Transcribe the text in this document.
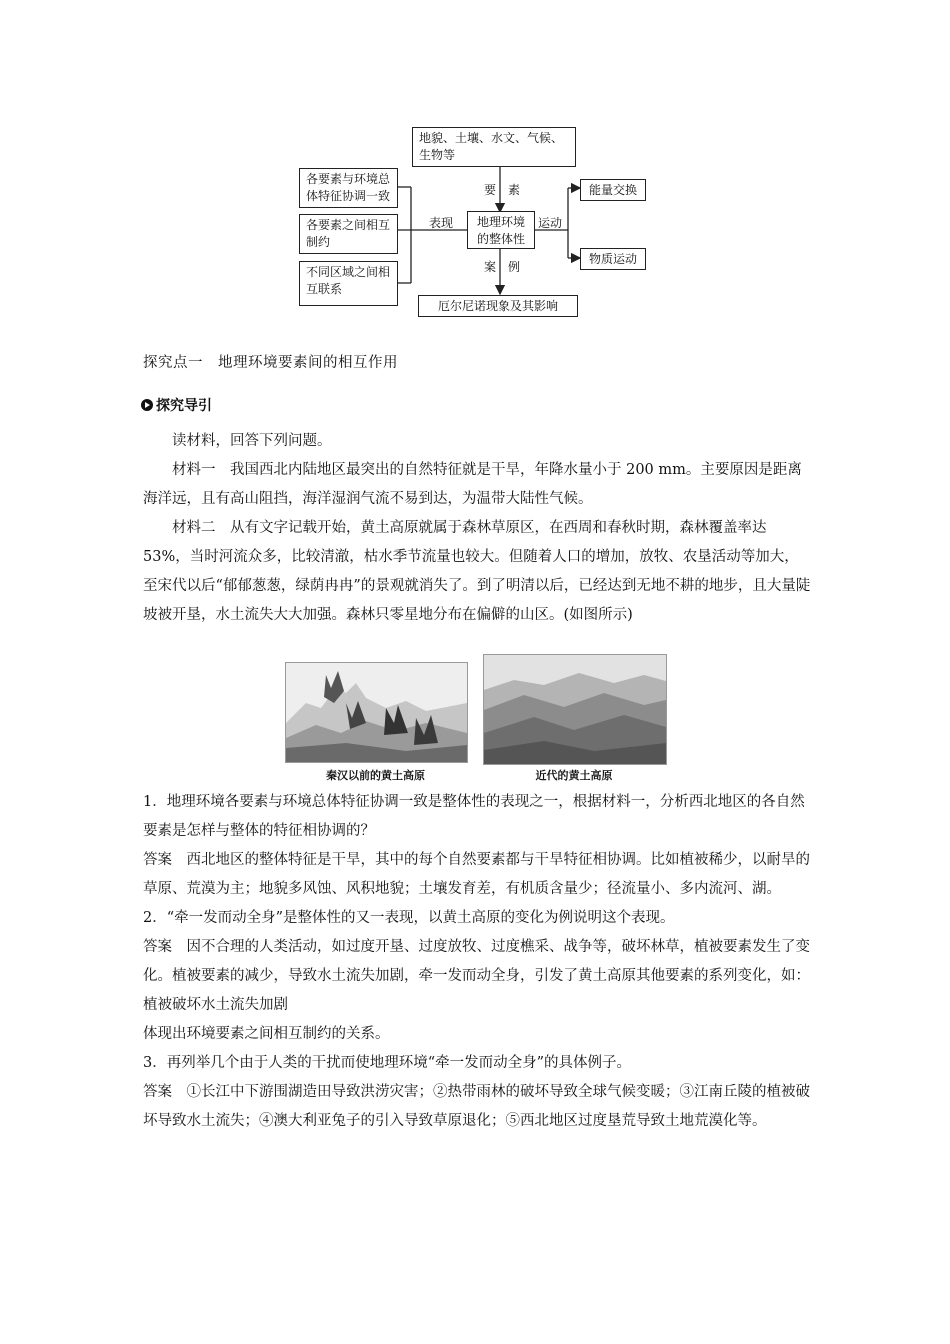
地貌、土壤、水文、气候、生物等
各要素与环境总体特征协调一致
各要素之间相互制约
不同区域之间相互联系
地理环境的整体性
能量交换
物质运动
厄尔尼诺现象及其影响
要　素
表现	运动
案　例
探究点一　地理环境要素间的相互作用
探究导引

读材料，回答下列问题。

材料一　我国西北内陆地区最突出的自然特征就是干旱，年降水量小于 200 mm。主要原因是距离海洋远，且有高山阻挡，海洋湿润气流不易到达，为温带大陆性气候。

材料二　从有文字记载开始，黄土高原就属于森林草原区，在西周和春秋时期，森林覆盖率达 53%，当时河流众多，比较清澈，枯水季节流量也较大。但随着人口的增加，放牧、农垦活动等加大，至宋代以后“郁郁葱葱，绿荫冉冉”的景观就消失了。到了明清以后，已经达到无地不耕的地步，且大量陡坡被开垦，水土流失大大加强。森林只零星地分布在偏僻的山区。(如图所示)

秦汉以前的黄土高原	近代的黄土高原

1．地理环境各要素与环境总体特征协调一致是整体性的表现之一，根据材料一，分析西北地区的各自然要素是怎样与整体的特征相协调的？

答案　西北地区的整体特征是干旱，其中的每个自然要素都与干旱特征相协调。比如植被稀少，以耐旱的草原、荒漠为主；地貌多风蚀、风积地貌；土壤发育差，有机质含量少；径流量小、多内流河、湖。

2．“牵一发而动全身”是整体性的又一表现，以黄土高原的变化为例说明这个表现。

答案　因不合理的人类活动，如过度开垦、过度放牧、过度樵采、战争等，破坏林草，植被要素发生了变化。植被要素的减少，导致水土流失加剧，牵一发而动全身，引发了黄土高原其他要素的系列变化，如：

植被破坏水土流失加剧

体现出环境要素之间相互制约的关系。

3．再列举几个由于人类的干扰而使地理环境“牵一发而动全身”的具体例子。

答案　①长江中下游围湖造田导致洪涝灾害；②热带雨林的破坏导致全球气候变暖；③江南丘陵的植被破坏导致水土流失；④澳大利亚兔子的引入导致草原退化；⑤西北地区过度垦荒导致土地荒漠化等。
